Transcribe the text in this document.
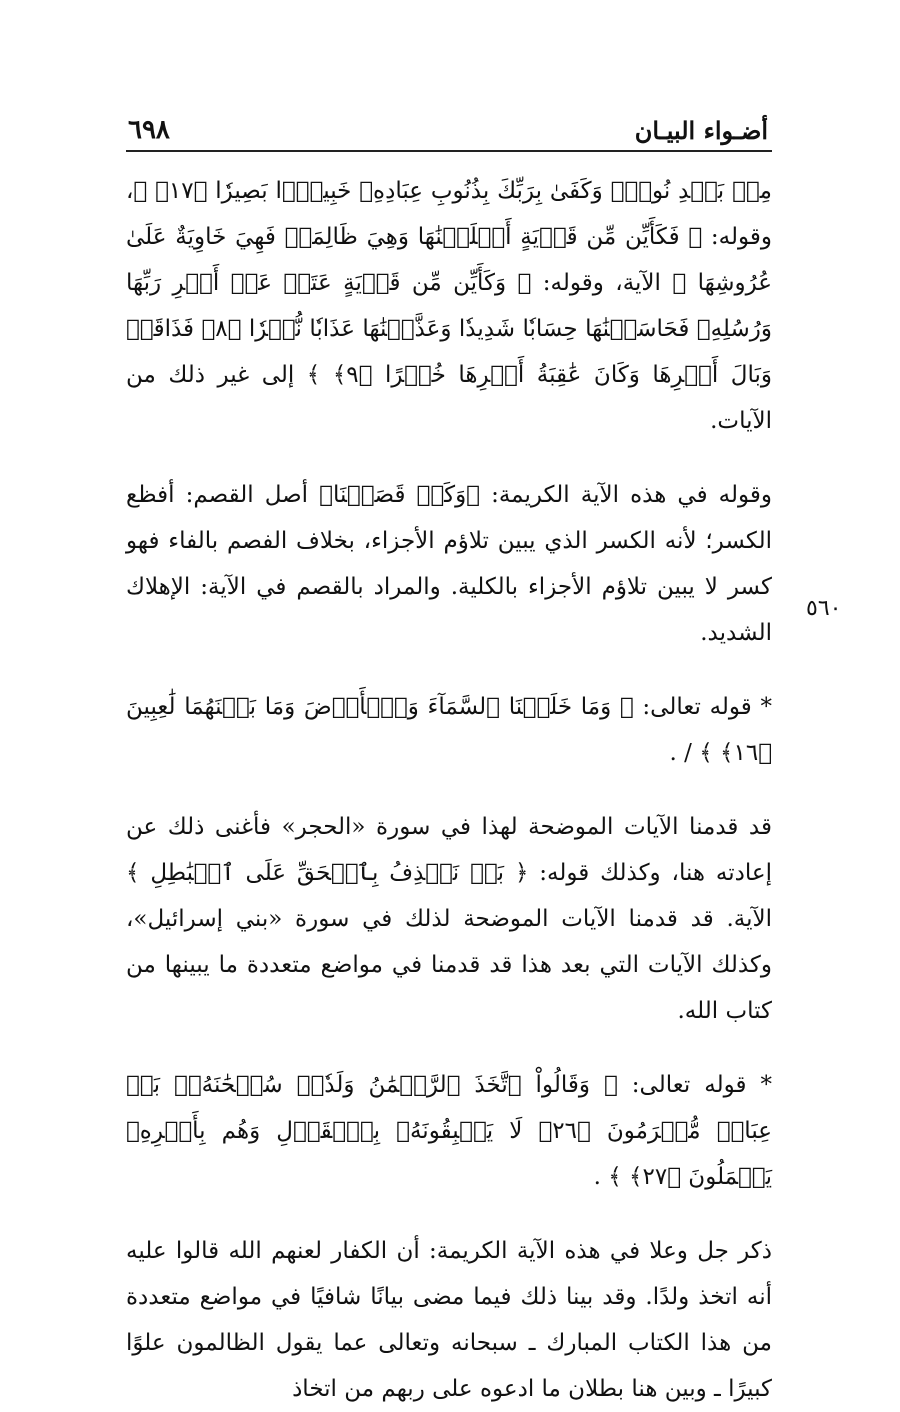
٦٩٨	أضـواء البيـان
٥٦٠

مِنۢ بَعۡدِ نُوحٖۗ وَكَفَىٰ بِرَبِّكَ بِذُنُوبِ عِبَادِهِۦ خَبِيرَۢا بَصِيرٗا ﴿١٧﴾ ﴾، وقوله: ﴿ فَكَأَيِّن مِّن قَرۡيَةٍ أَهۡلَكۡنَٰهَا وَهِيَ ظَالِمَةٞ فَهِيَ خَاوِيَةٌ عَلَىٰ عُرُوشِهَا ﴾ الآية، وقوله: ﴿ وَكَأَيِّن مِّن قَرۡيَةٍ عَتَتۡ عَنۡ أَمۡرِ رَبِّهَا وَرُسُلِهِۦ فَحَاسَبۡنَٰهَا حِسَابٗا شَدِيدٗا وَعَذَّبۡنَٰهَا عَذَابٗا نُّكۡرٗا ﴿٨﴾ فَذَاقَتۡ وَبَالَ أَمۡرِهَا وَكَانَ عَٰقِبَةُ أَمۡرِهَا خُسۡرًا ﴿٩﴾ ﴾ إلى غير ذلك من الآيات.

وقوله في هذه الآية الكريمة: ﴿وَكَمۡ قَصَمۡنَا﴾ أصل القصم: أفظع الكسر؛ لأنه الكسر الذي يبين تلاؤم الأجزاء، بخلاف الفصم بالفاء فهو كسر لا يبين تلاؤم الأجزاء بالكلية. والمراد بالقصم في الآية: الإهلاك الشديد.

* قوله تعالى: ﴿ وَمَا خَلَقۡنَا ٱلسَّمَآءَ وَٱلۡأَرۡضَ وَمَا بَيۡنَهُمَا لَٰعِبِينَ ﴿١٦﴾ ﴾ / .

قد قدمنا الآيات الموضحة لهذا في سورة «الحجر» فأغنى ذلك عن إعادته هنا، وكذلك قوله: ﴿ بَلۡ نَقۡذِفُ بِٱلۡحَقِّ عَلَى ٱلۡبَٰطِلِ ﴾ الآية. قد قدمنا الآيات الموضحة لذلك في سورة «بني إسرائيل»، وكذلك الآيات التي بعد هذا قد قدمنا في مواضع متعددة ما يبينها من كتاب الله.

* قوله تعالى: ﴿ وَقَالُواْ ٱتَّخَذَ ٱلرَّحۡمَٰنُ وَلَدٗاۗ سُبۡحَٰنَهُۥۚ بَلۡ عِبَادٞ مُّكۡرَمُونَ ﴿٢٦﴾ لَا يَسۡبِقُونَهُۥ بِٱلۡقَوۡلِ وَهُم بِأَمۡرِهِۦ يَعۡمَلُونَ ﴿٢٧﴾ ﴾ .

ذكر جل وعلا في هذه الآية الكريمة: أن الكفار لعنهم الله قالوا عليه أنه اتخذ ولدًا. وقد بينا ذلك فيما مضى بيانًا شافيًا في مواضع متعددة من هذا الكتاب المبارك ـ سبحانه وتعالى عما يقول الظالمون علوًا كبيرًا ـ وبين هنا بطلان ما ادعوه على ربهم من اتخاذ
